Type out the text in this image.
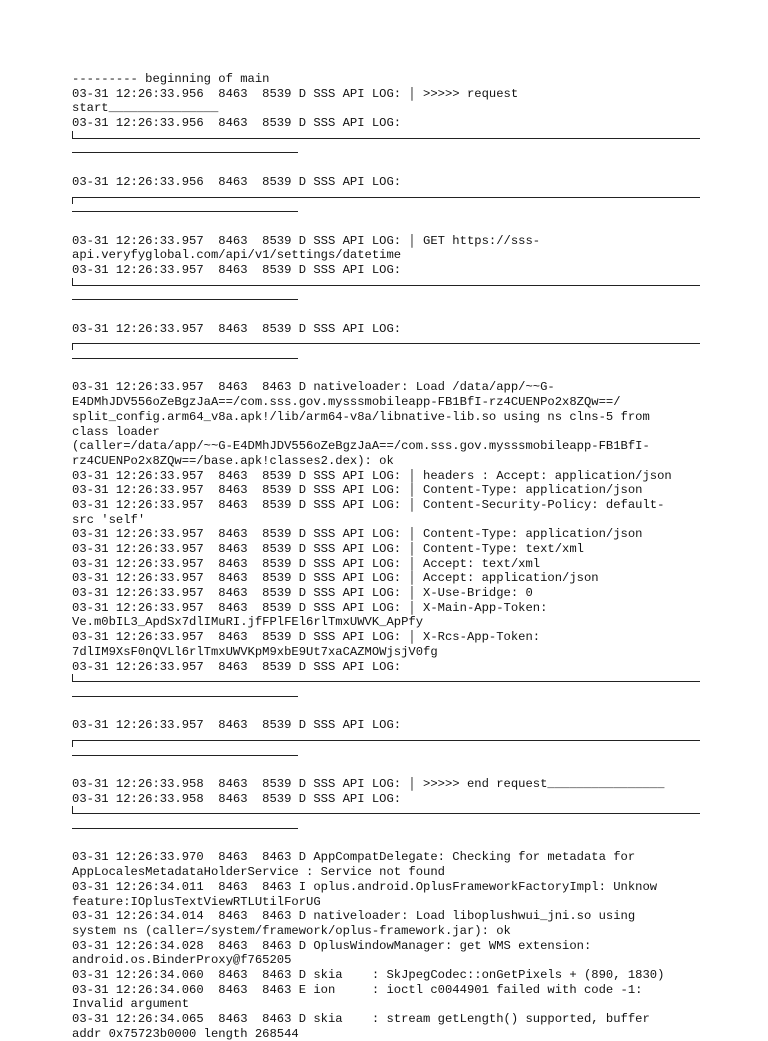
--------- beginning of main
03-31 12:26:33.956  8463  8539 D SSS API LOG: │ >>>>> request
start_______________
03-31 12:26:33.956  8463  8539 D SSS API LOG:
03-31 12:26:33.956  8463  8539 D SSS API LOG:
03-31 12:26:33.957  8463  8539 D SSS API LOG: │ GET https://sss-
api.veryfyglobal.com/api/v1/settings/datetime
03-31 12:26:33.957  8463  8539 D SSS API LOG:
03-31 12:26:33.957  8463  8539 D SSS API LOG:
03-31 12:26:33.957  8463  8463 D nativeloader: Load /data/app/~~G-
E4DMhJDV556oZeBgzJaA==/com.sss.gov.mysssmobileapp-FB1BfI-rz4CUENPo2x8ZQw==/
split_config.arm64_v8a.apk!/lib/arm64-v8a/libnative-lib.so using ns clns-5 from
class loader
(caller=/data/app/~~G-E4DMhJDV556oZeBgzJaA==/com.sss.gov.mysssmobileapp-FB1BfI-
rz4CUENPo2x8ZQw==/base.apk!classes2.dex): ok
03-31 12:26:33.957  8463  8539 D SSS API LOG: │ headers : Accept: application/json
03-31 12:26:33.957  8463  8539 D SSS API LOG: │ Content-Type: application/json
03-31 12:26:33.957  8463  8539 D SSS API LOG: │ Content-Security-Policy: default-
src 'self'
03-31 12:26:33.957  8463  8539 D SSS API LOG: │ Content-Type: application/json
03-31 12:26:33.957  8463  8539 D SSS API LOG: │ Content-Type: text/xml
03-31 12:26:33.957  8463  8539 D SSS API LOG: │ Accept: text/xml
03-31 12:26:33.957  8463  8539 D SSS API LOG: │ Accept: application/json
03-31 12:26:33.957  8463  8539 D SSS API LOG: │ X-Use-Bridge: 0
03-31 12:26:33.957  8463  8539 D SSS API LOG: │ X-Main-App-Token:
Ve.m0bIL3_ApdSx7dlIMuRI.jfFPlFEl6rlTmxUWVK_ApPfy
03-31 12:26:33.957  8463  8539 D SSS API LOG: │ X-Rcs-App-Token:
7dlIM9XsF0nQVLl6rlTmxUWVKpM9xbE9Ut7xaCAZMOWjsjV0fg
03-31 12:26:33.957  8463  8539 D SSS API LOG:
03-31 12:26:33.957  8463  8539 D SSS API LOG:
03-31 12:26:33.958  8463  8539 D SSS API LOG: │ >>>>> end request________________
03-31 12:26:33.958  8463  8539 D SSS API LOG:
03-31 12:26:33.970  8463  8463 D AppCompatDelegate: Checking for metadata for
AppLocalesMetadataHolderService : Service not found
03-31 12:26:34.011  8463  8463 I oplus.android.OplusFrameworkFactoryImpl: Unknow
feature:IOplusTextViewRTLUtilForUG
03-31 12:26:34.014  8463  8463 D nativeloader: Load liboplushwui_jni.so using
system ns (caller=/system/framework/oplus-framework.jar): ok
03-31 12:26:34.028  8463  8463 D OplusWindowManager: get WMS extension:
android.os.BinderProxy@f765205
03-31 12:26:34.060  8463  8463 D skia    : SkJpegCodec::onGetPixels + (890, 1830)
03-31 12:26:34.060  8463  8463 E ion     : ioctl c0044901 failed with code -1:
Invalid argument
03-31 12:26:34.065  8463  8463 D skia    : stream getLength() supported, buffer
addr 0x75723b0000 length 268544
